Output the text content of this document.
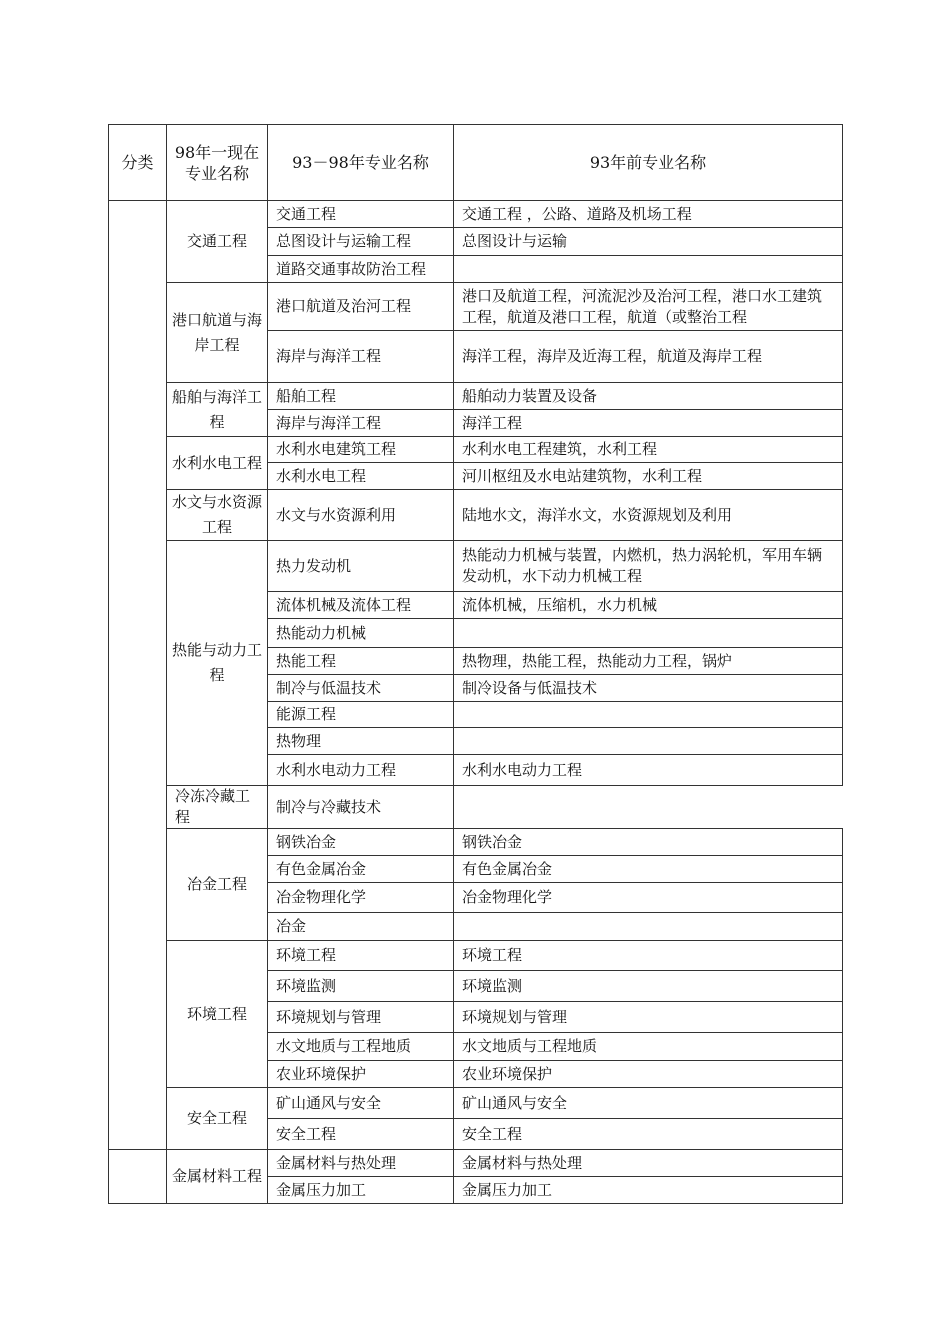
分类	98年一现在专业名称	93－98年专业名称	93年前专业名称
	交通工程	交通工程	交通工程 ，公路、道路及机场工程
		总图设计与运输工程	总图设计与运输
		道路交通事故防治工程	
	港口航道与海岸工程	港口航道及治河工程	港口及航道工程，河流泥沙及治河工程，港口水工建筑工程，航道及港口工程，航道（或整治工程
		海岸与海洋工程	海洋工程，海岸及近海工程，航道及海岸工程
	船舶与海洋工程	船舶工程	船舶动力装置及设备
		海岸与海洋工程	海洋工程
	水利水电工程	水利水电建筑工程	水利水电工程建筑，水利工程
		水利水电工程	河川枢纽及水电站建筑物，水利工程
	水文与水资源工程	水文与水资源利用	陆地水文，海洋水文，水资源规划及利用
	热能与动力工程	热力发动机	热能动力机械与装置，内燃机，热力涡轮机，军用车辆发动机，水下动力机械工程
		流体机械及流体工程	流体机械，压缩机，水力机械
		热能动力机械	
		热能工程	热物理，热能工程，热能动力工程，锅炉
		制冷与低温技术	制冷设备与低温技术
		能源工程	
		热物理	
		水利水电动力工程	水利水电动力工程
	冷冻冷藏工程	制冷与冷藏技术	
	冶金工程	钢铁冶金	钢铁冶金
		有色金属冶金	有色金属冶金
		冶金物理化学	冶金物理化学
		冶金	
	环境工程	环境工程	环境工程
		环境监测	环境监测
		环境规划与管理	环境规划与管理
		水文地质与工程地质	水文地质与工程地质
		农业环境保护	农业环境保护
	安全工程	矿山通风与安全	矿山通风与安全
		安全工程	安全工程
	金属材料工程	金属材料与热处理	金属材料与热处理
		金属压力加工	金属压力加工
